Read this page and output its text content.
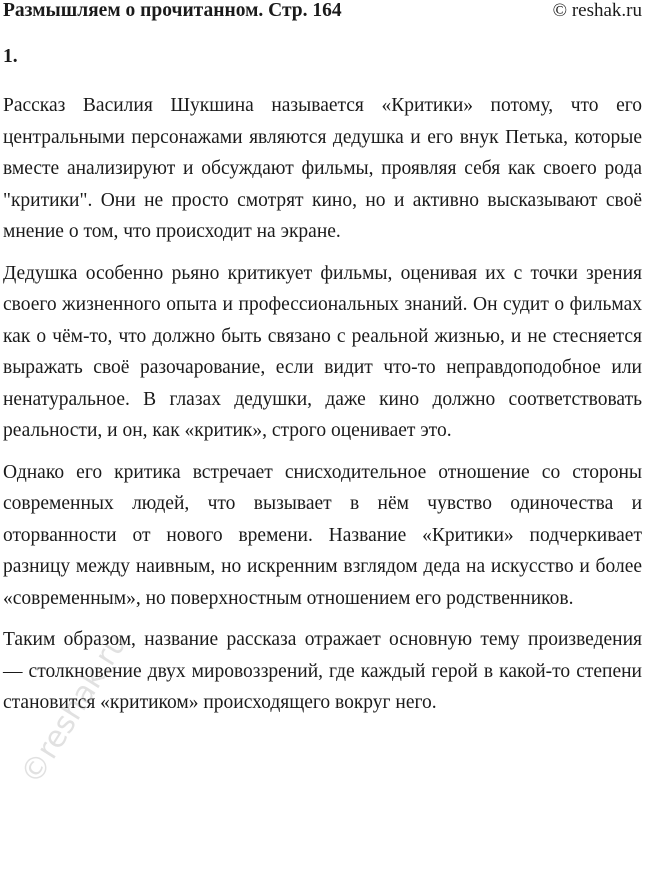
Размышляем о прочитанном. Стр. 164	© reshak.ru
1.

Рассказ Василия Шукшина называется «Критики» потому, что его центральными персонажами являются дедушка и его внук Петька, которые вместе анализируют и обсуждают фильмы, проявляя себя как своего рода "критики". Они не просто смотрят кино, но и активно высказывают своё мнение о том, что происходит на экране.

Дедушка особенно рьяно критикует фильмы, оценивая их с точки зрения своего жизненного опыта и профессиональных знаний. Он судит о фильмах как о чём-то, что должно быть связано с реальной жизнью, и не стесняется выражать своё разочарование, если видит что-то неправдоподобное или ненатуральное. В глазах дедушки, даже кино должно соответствовать реальности, и он, как «критик», строго оценивает это.

Однако его критика встречает снисходительное отношение со стороны современных людей, что вызывает в нём чувство одиночества и оторванности от нового времени. Название «Критики» подчеркивает разницу между наивным, но искренним взглядом деда на искусство и более «современным», но поверхностным отношением его родственников.

Таким образом, название рассказа отражает основную тему произведения — столкновение двух мировоззрений, где каждый герой в какой-то степени становится «критиком» происходящего вокруг него.

©reshak.ru
